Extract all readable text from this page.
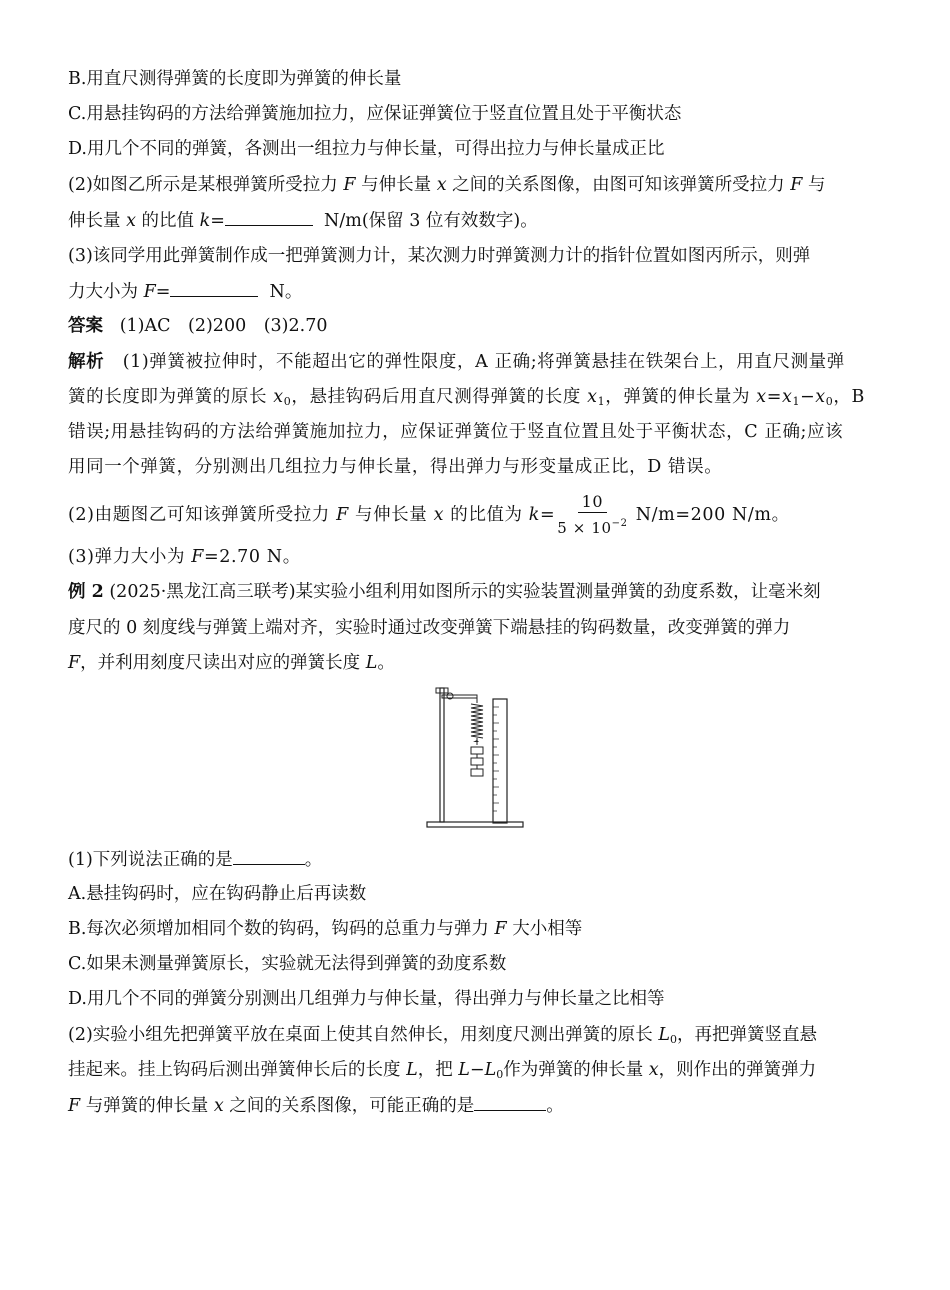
B.用直尺测得弹簧的长度即为弹簧的伸长量
C.用悬挂钩码的方法给弹簧施加拉力，应保证弹簧位于竖直位置且处于平衡状态
D.用几个不同的弹簧，各测出一组拉力与伸长量，可得出拉力与伸长量成正比
(2)如图乙所示是某根弹簧所受拉力 F 与伸长量 x 之间的关系图像，由图可知该弹簧所受拉力 F 与
伸长量 x 的比值 k=	N/m(保留 3 位有效数字)。
(3)该同学用此弹簧制作成一把弹簧测力计，某次测力时弹簧测力计的指针位置如图丙所示，则弹
力大小为 F=	N。
答案 (1)AC　(2)200　(3)2.70
解析 (1)弹簧被拉伸时，不能超出它的弹性限度，A 正确;将弹簧悬挂在铁架台上，用直尺测量弹
簧的长度即为弹簧的原长 $x_0$，悬挂钩码后用直尺测得弹簧的长度 $x_1$，弹簧的伸长量为 $x=x_1-x_0$，B
错误;用悬挂钩码的方法给弹簧施加拉力，应保证弹簧位于竖直位置且处于平衡状态，C 正确;应该
用同一个弹簧，分别测出几组拉力与伸长量，得出弹力与形变量成正比，D 错误。
(2)由题图乙可知该弹簧所受拉力 F 与伸长量 x 的比值为 $k= \frac{10}{5 \times 10^{-2}} N/m=200$ N/m。
(3)弹力大小为 F=2.70 N。
例 2 (2025·黑龙江高三联考)某实验小组利用如图所示的实验装置测量弹簧的劲度系数，让毫米刻
度尺的 0 刻度线与弹簧上端对齐，实验时通过改变弹簧下端悬挂的钩码数量，改变弹簧的弹力
F，并利用刻度尺读出对应的弹簧长度 L。
(1)下列说法正确的是	。
A.悬挂钩码时，应在钩码静止后再读数
B.每次必须增加相同个数的钩码，钩码的总重力与弹力 F 大小相等
C.如果未测量弹簧原长，实验就无法得到弹簧的劲度系数
D.用几个不同的弹簧分别测出几组弹力与伸长量，得出弹力与伸长量之比相等
(2)实验小组先把弹簧平放在桌面上使其自然伸长，用刻度尺测出弹簧的原长 $L_0$，再把弹簧竖直悬
挂起来。挂上钩码后测出弹簧伸长后的长度 L，把 $L-L_0$作为弹簧的伸长量 x，则作出的弹簧弹力
F 与弹簧的伸长量 x 之间的关系图像，可能正确的是	。
